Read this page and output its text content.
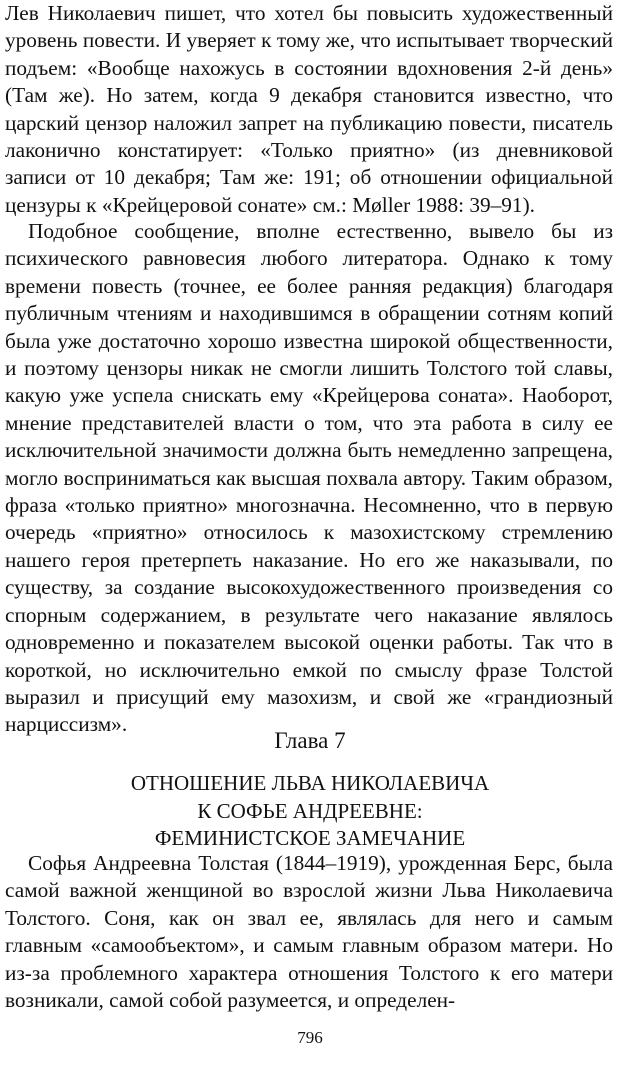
Лев Николаевич пишет, что хотел бы повысить художественный уровень повести. И уверяет к тому же, что испытывает творческий подъем: «Вообще нахожусь в состоянии вдохновения 2-й день» (Там же). Но затем, когда 9 декабря становится известно, что царский цензор наложил запрет на публикацию повести, писатель лаконично констатирует: «Только приятно» (из дневниковой записи от 10 декабря; Там же: 191; об отношении официальной цензуры к «Крейцеровой сонате» см.: Møller 1988: 39–91).

Подобное сообщение, вполне естественно, вывело бы из психического равновесия любого литератора. Однако к тому времени повесть (точнее, ее более ранняя редакция) благодаря публичным чтениям и находившимся в обращении сотням копий была уже достаточно хорошо известна широкой общественности, и поэтому цензоры никак не смогли лишить Толстого той славы, какую уже успела снискать ему «Крейцерова соната». Наоборот, мнение представителей власти о том, что эта работа в силу ее исключительной значимости должна быть немедленно запрещена, могло восприниматься как высшая похвала автору. Таким образом, фраза «только приятно» многозначна. Несомненно, что в первую очередь «приятно» относилось к мазохистскому стремлению нашего героя претерпеть наказание. Но его же наказывали, по существу, за создание высокохудожественного произведения со спорным содержанием, в результате чего наказание являлось одновременно и показателем высокой оценки работы. Так что в короткой, но исключительно емкой по смыслу фразе Толстой выразил и присущий ему мазохизм, и свой же «грандиозный нарциссизм».

Глава 7
ОТНОШЕНИЕ ЛЬВА НИКОЛАЕВИЧА
К СОФЬЕ АНДРЕЕВНЕ:
ФЕМИНИСТСКОЕ ЗАМЕЧАНИЕ

Софья Андреевна Толстая (1844–1919), урожденная Берс, была самой важной женщиной во взрослой жизни Льва Николаевича Толстого. Соня, как он звал ее, являлась для него и самым главным «самообъектом», и самым главным образом матери. Но из-за проблемного характера отношения Толстого к его матери возникали, самой собой разумеется, и определен-

796
